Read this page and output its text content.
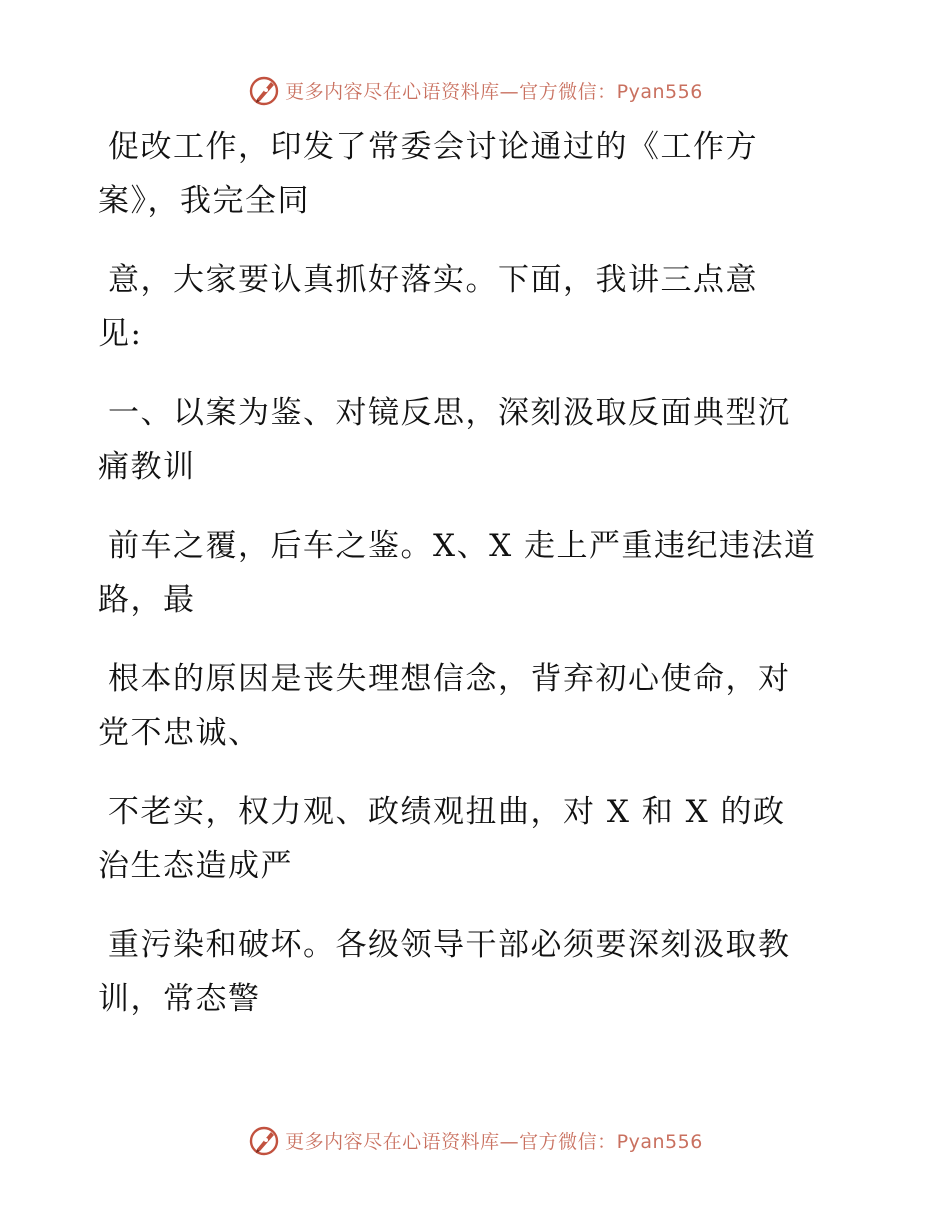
更多内容尽在心语资料库—官方微信：Pyan556
促改工作，印发了常委会讨论通过的《工作方
案》，我完全同
意，大家要认真抓好落实。下面，我讲三点意
见:
一、以案为鉴、对镜反思，深刻汲取反面典型沉
痛教训
前车之覆，后车之鉴。X、X 走上严重违纪违法道
路，最
根本的原因是丧失理想信念，背弃初心使命，对
党不忠诚、
不老实，权力观、政绩观扭曲，对 X 和 X 的政
治生态造成严
重污染和破坏。各级领导干部必须要深刻汲取教
训，常态警
更多内容尽在心语资料库—官方微信：Pyan556
